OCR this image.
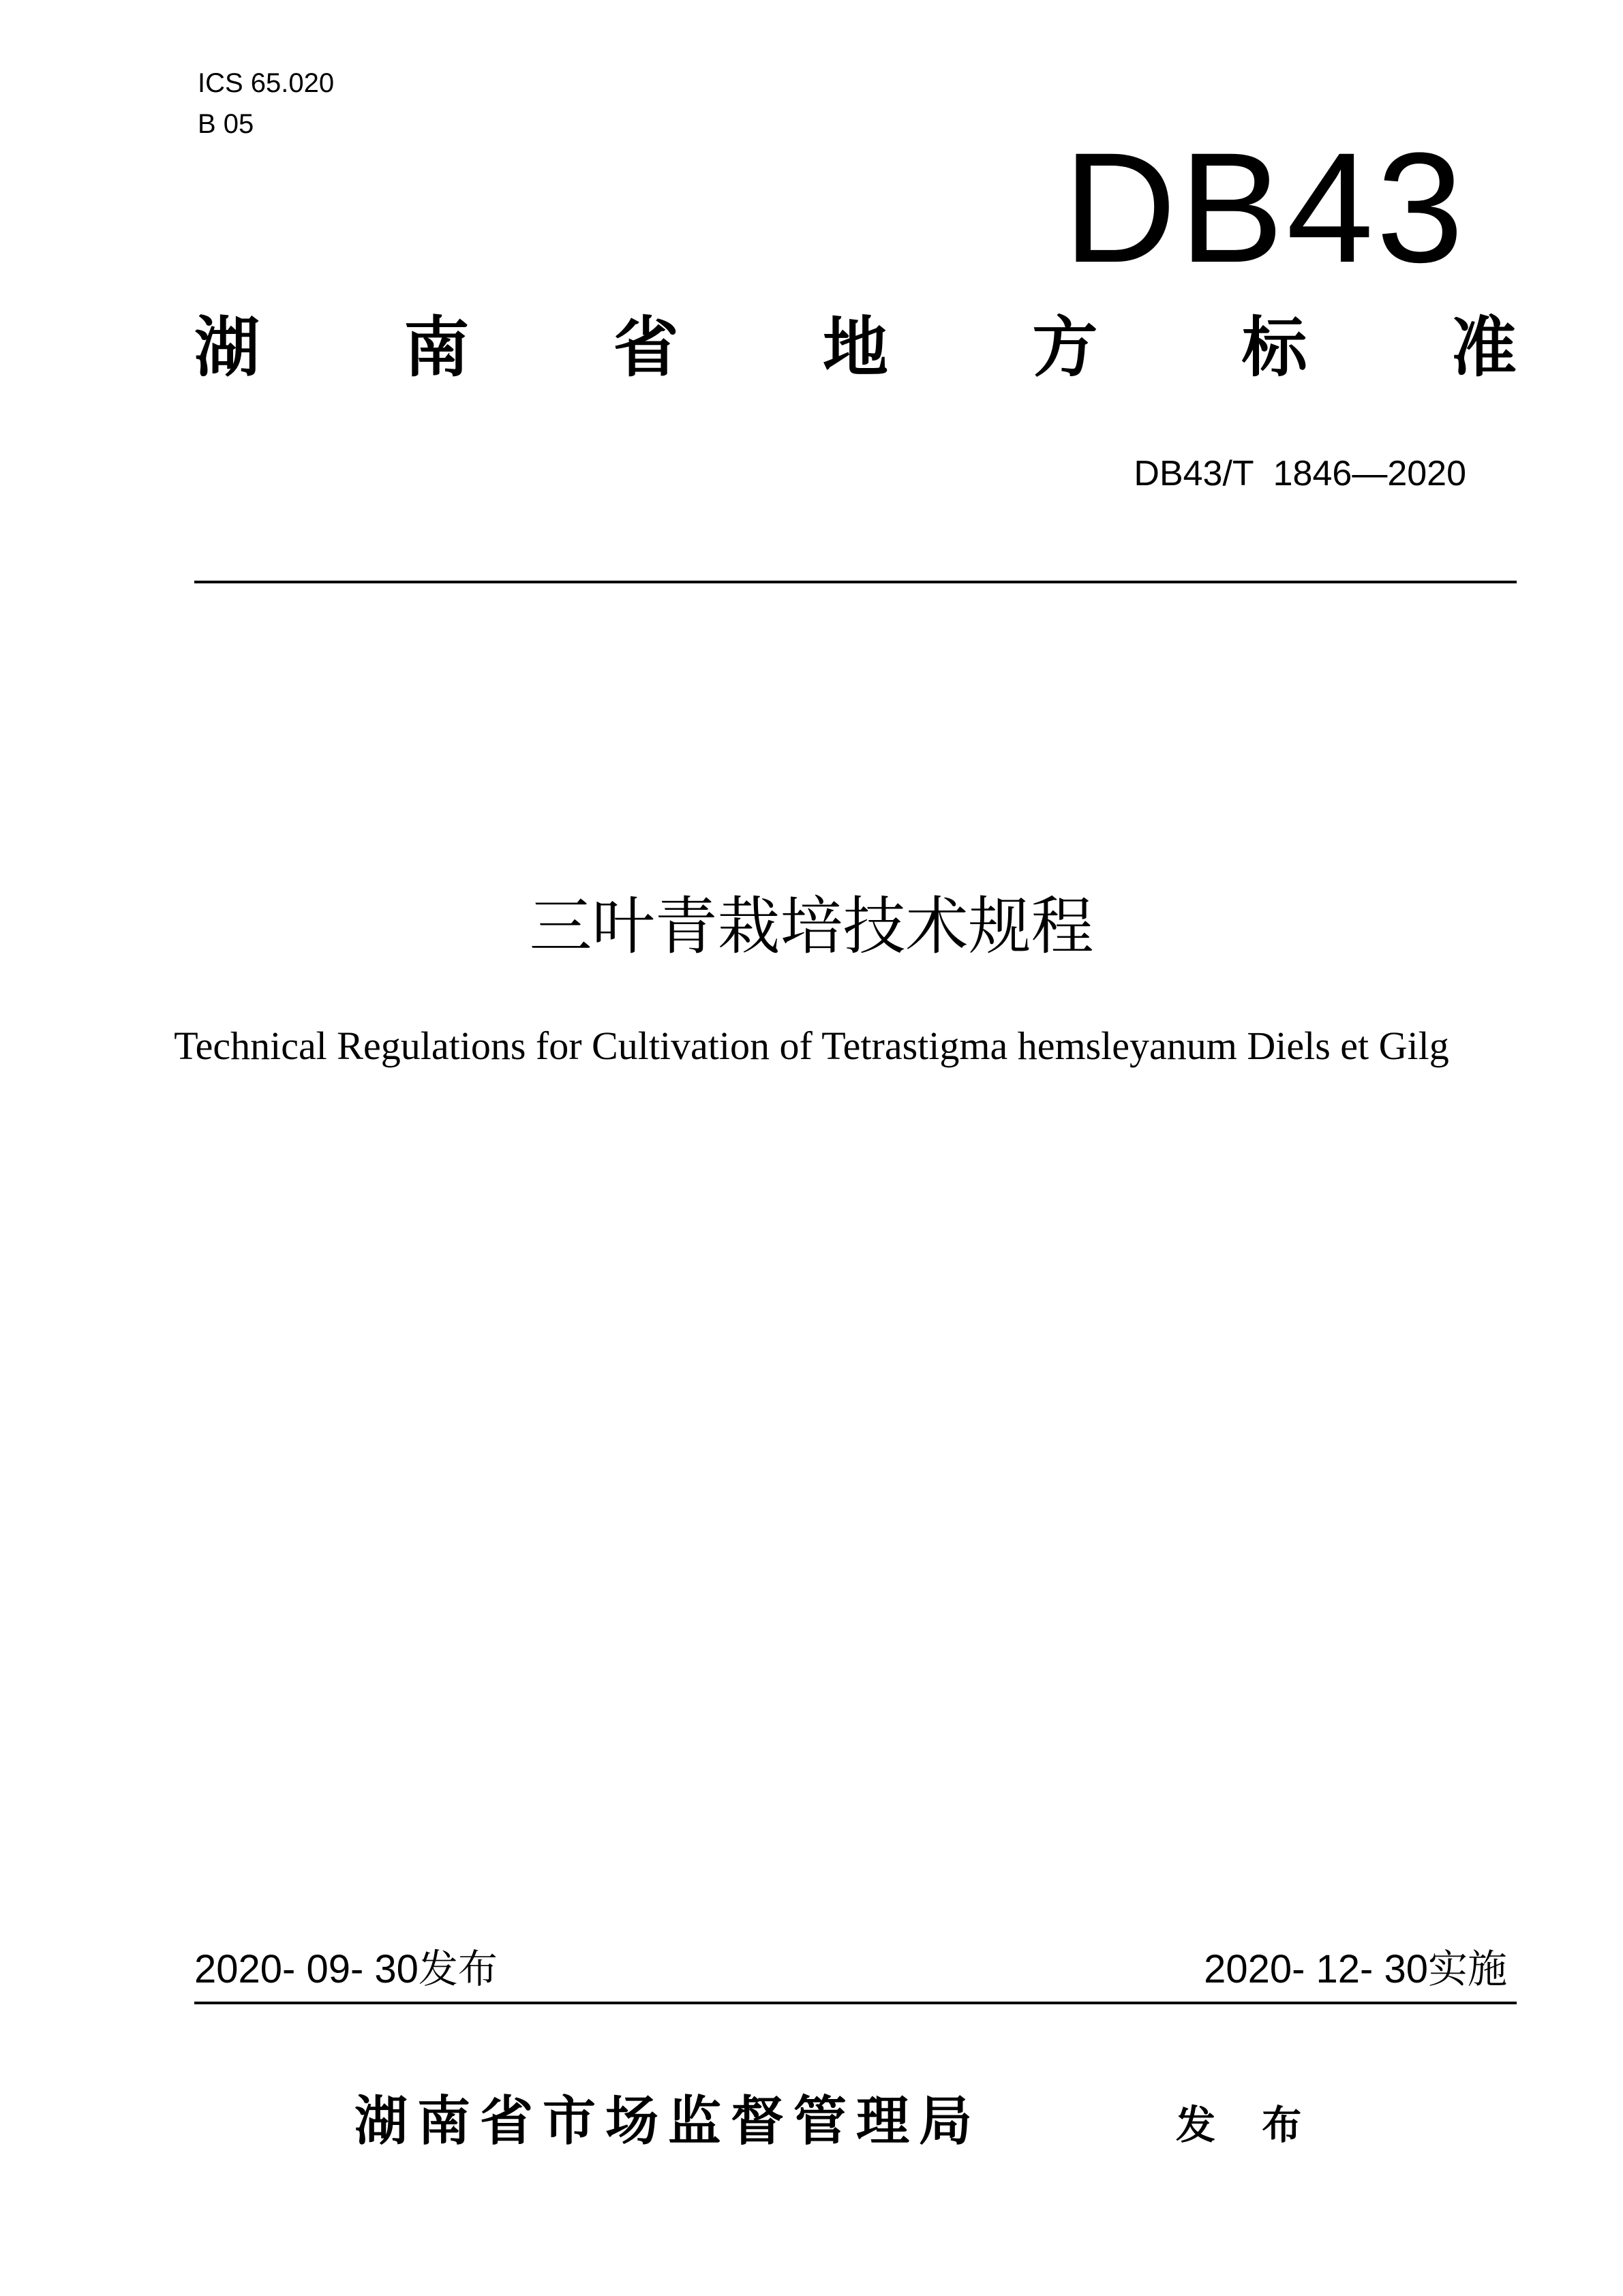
ICS 65.020
B 05	DB43
湖 南 省 地 方 标 准
DB43/T  1846—2020
三叶青栽培技术规程
Technical Regulations for Cultivation of Tetrastigma hemsleyanum Diels et Gilg
2020- 09- 30发布	2020- 12- 30实施
湖南省市场监督管理局	发 布
